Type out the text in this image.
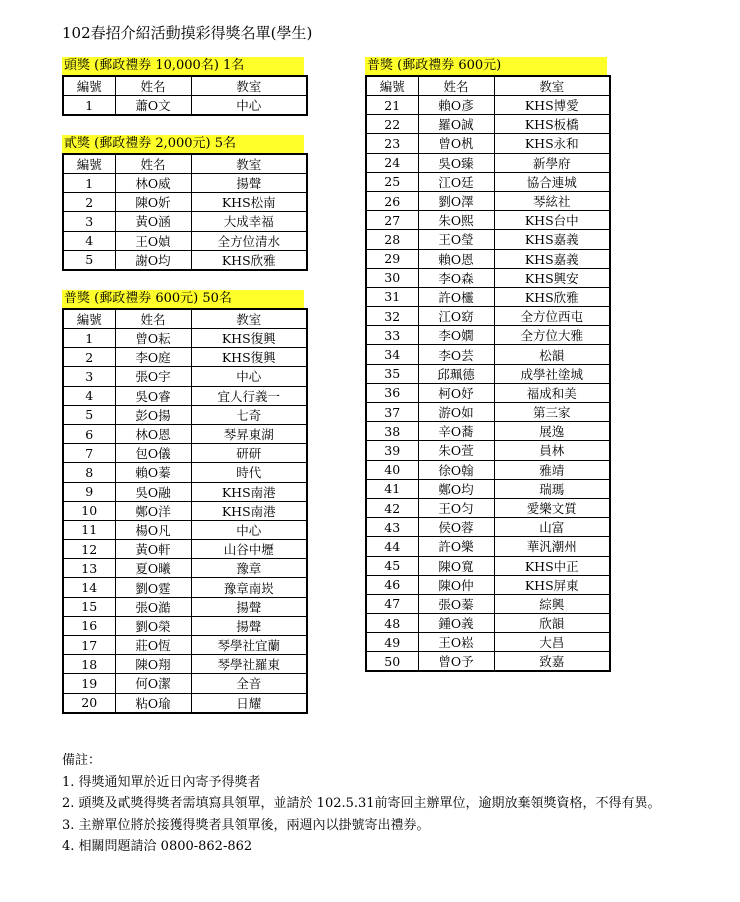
102春招介紹活動摸彩得獎名單(學生)
頭獎 (郵政禮券 10,000名) 1名
編號	姓名	教室
1	蕭O文	中心
貳獎 (郵政禮券 2,000元) 5名
編號	姓名	教室
1	林O威	揚聲
2	陳O妡	KHS松南
3	黃O涵	大成幸福
4	王O媜	全方位清水
5	謝O均	KHS欣雅
普獎 (郵政禮券 600元) 50名
編號	姓名	教室
1	曾O耘	KHS復興
2	李O庭	KHS復興
3	張O宇	中心
4	吳O睿	宜人行義一
5	彭O揚	七奇
6	林O恩	琴昇東湖
7	包O儀	研研
8	賴O蓁	時代
9	吳O融	KHS南港
10	鄭O洋	KHS南港
11	楊O凡	中心
12	黃O軒	山谷中壢
13	夏O曦	豫章
14	劉O霆	豫章南崁
15	張O澔	揚聲
16	劉O榮	揚聲
17	莊O恆	琴學社宜蘭
18	陳O翔	琴學社羅東
19	何O潔	全音
20	粘O瑜	日耀
普獎 (郵政禮券 600元)
編號	姓名	教室
21	賴O彥	KHS博愛
22	羅O誠	KHS板橋
23	曾O杋	KHS永和
24	吳O臻	新學府
25	江O廷	協合連城
26	劉O澤	琴絃社
27	朱O熙	KHS台中
28	王O瑩	KHS嘉義
29	賴O恩	KHS嘉義
30	李O森	KHS興安
31	許O欞	KHS欣雅
32	江O窈	全方位西屯
33	李O嫺	全方位大雅
34	李O芸	松韻
35	邱珮德	成學社塗城
36	柯O妤	福成和美
37	游O如	第三家
38	辛O蕎	展逸
39	朱O萱	員林
40	徐O翰	雅靖
41	鄭O均	瑞瑪
42	王O匀	愛樂文質
43	侯O蓉	山富
44	許O樂	華汎潮州
45	陳O寬	KHS中正
46	陳O仲	KHS屏東
47	張O蓁	綜興
48	鍾O義	欣韻
49	王O崧	大昌
50	曾O予	致嘉
備註：
1. 得獎通知單於近日內寄予得獎者
2. 頭獎及貳獎得獎者需填寫具領單，並請於 102.5.31前寄回主辦單位，逾期放棄領獎資格，不得有異。
3. 主辦單位將於接獲得獎者具領單後，兩週內以掛號寄出禮券。
4. 相關問題請洽 0800-862-862
